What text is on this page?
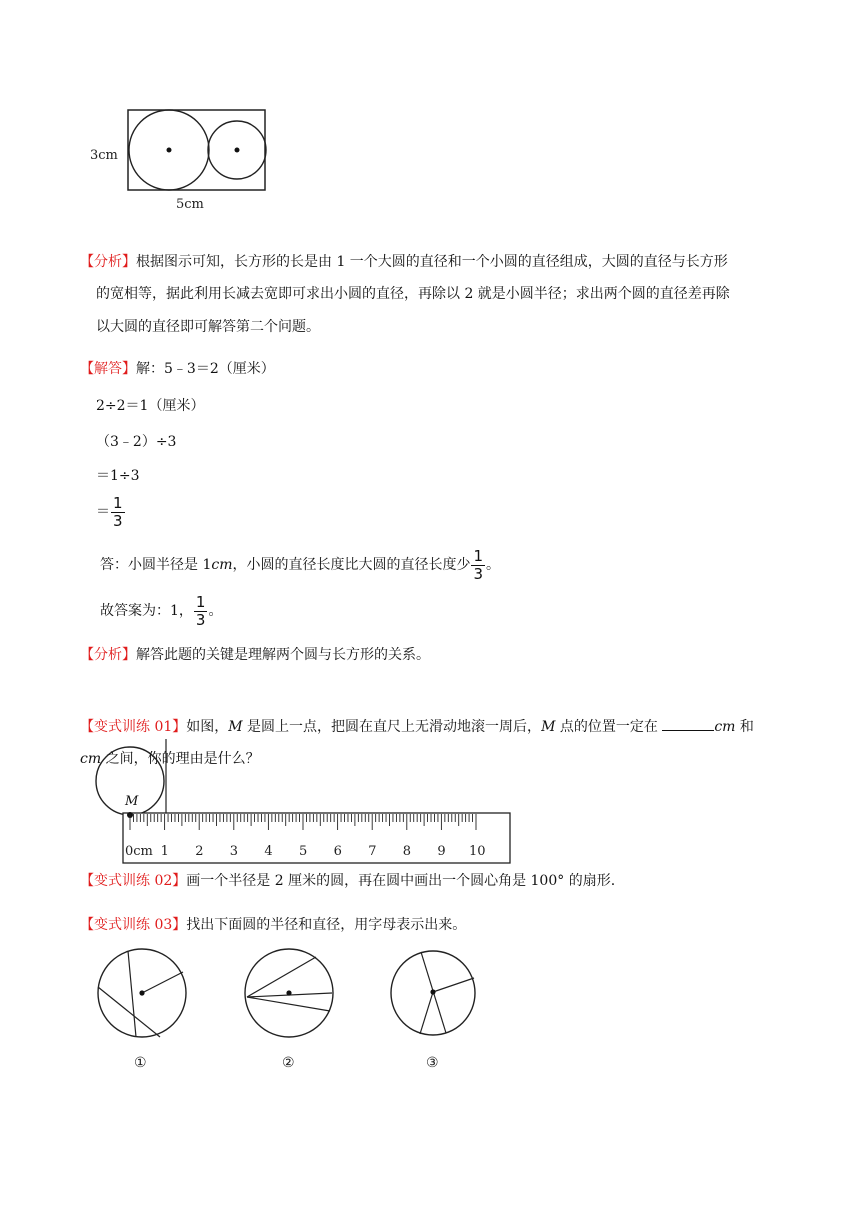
3cm
5cm
【分析】根据图示可知，长方形的长是由 1 一个大圆的直径和一个小圆的直径组成，大圆的直径与长方形
的宽相等，据此利用长减去宽即可求出小圆的直径，再除以 2 就是小圆半径；求出两个圆的直径差再除
以大圆的直径即可解答第二个问题。
【解答】解：5﹣3＝2（厘米）
2÷2＝1（厘米）
（3﹣2）÷3
＝1÷3
＝ $\frac{1}{3}$
答：小圆半径是 1cm，小圆的直径长度比大圆的直径长度少 $\frac{1}{3}$ 。
故答案为：1， $\frac{1}{3}$ 。
【分析】解答此题的关键是理解两个圆与长方形的关系。
【变式训练 01】如图，M 是圆上一点，把圆在直尺上无滑动地滚一周后，M 点的位置一定在	cm 和
cm 之间，你的理由是什么？
M
0cm 1 2 3 4 5 6 7 8 9 10
【变式训练 02】画一个半径是 2 厘米的圆，再在圆中画出一个圆心角是 100° 的扇形.
【变式训练 03】找出下面圆的半径和直径，用字母表示出来。
①	②	③
